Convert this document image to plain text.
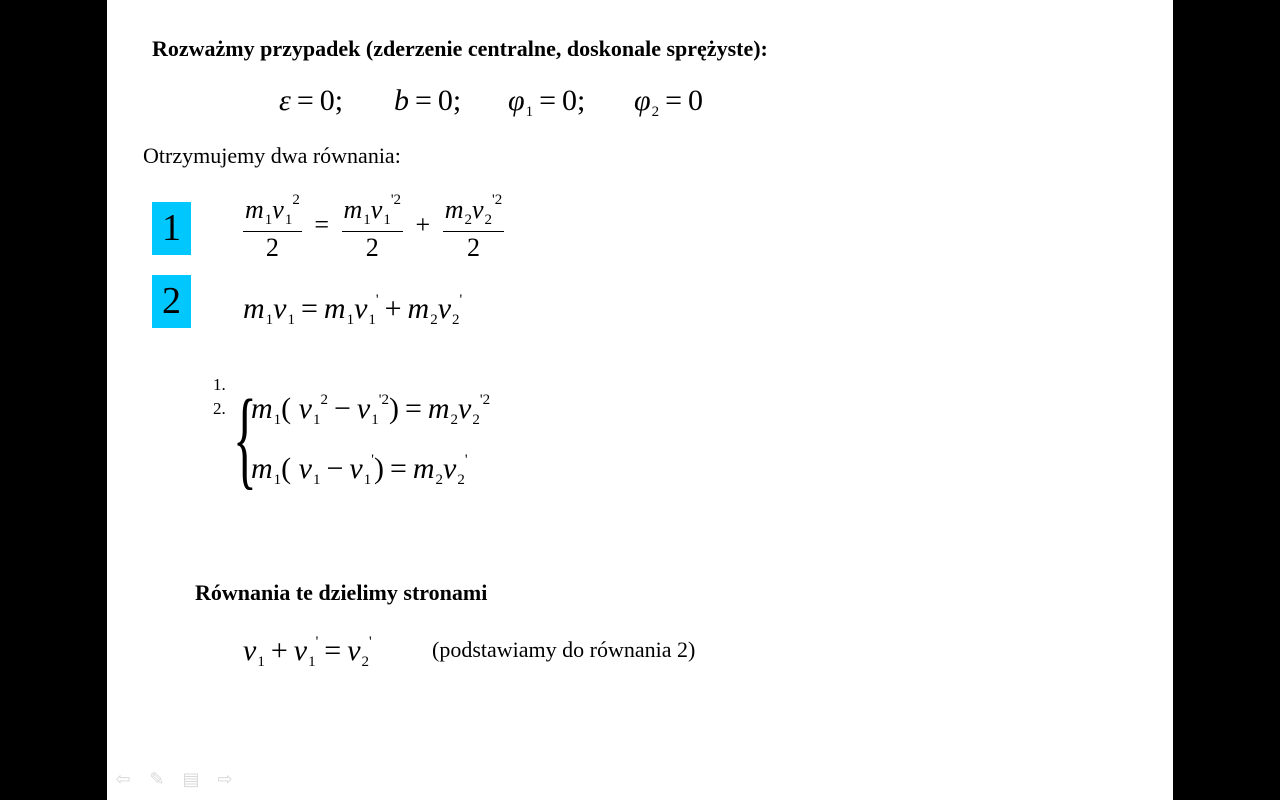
Rozważmy przypadek (zderzenie centralne, doskonale sprężyste):
ε = 0; b = 0; $\varphi_1 = 0$; $\varphi_2 = 0$
Otrzymujemy dwa równania:
1
2
$\frac{m_1v_1^2}{2} = \frac{m_1v_1^{'2}}{2} + \frac{m_2v_2^{'2}}{2}$
$m_1v_1 = m_1v_1' + m_2v_2'$
1.
2. {
$m_1$( $v_1^2 - v_1^{'2}) = m_2v_2^{'2}$
$m_1$( $v_1 - v_1') = m_2v_2'$
Równania te dzielimy stronami
$v_1 + v_1' = v_2'$	(podstawiamy do równania 2)
⇦ ✎ ▤ ⇨
